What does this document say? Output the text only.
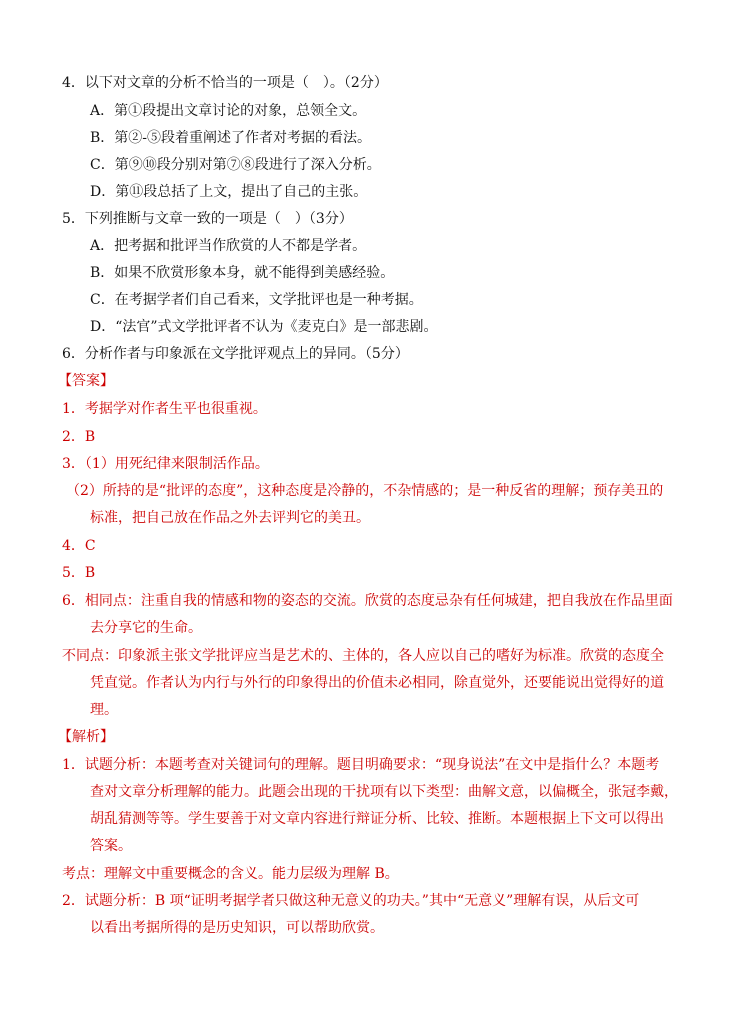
4．以下对文章的分析不恰当的一项是（　）。（2分）
A．第①段提出文章讨论的对象，总领全文。
B．第②-⑤段着重阐述了作者对考据的看法。
C．第⑨⑩段分别对第⑦⑧段进行了深入分析。
D．第⑪段总括了上文，提出了自己的主张。
5．下列推断与文章一致的一项是（　）（3分）
A．把考据和批评当作欣赏的人不都是学者。
B．如果不欣赏形象本身，就不能得到美感经验。
C．在考据学者们自己看来，文学批评也是一种考据。
D．“法官”式文学批评者不认为《麦克白》是一部悲剧。
6．分析作者与印象派在文学批评观点上的异同。（5分）
【答案】
1．考据学对作者生平也很重视。
2．B
3．（1）用死纪律来限制活作品。
（2）所持的是“批评的态度”，这种态度是冷静的，不杂情感的；是一种反省的理解；预存美丑的
标准，把自己放在作品之外去评判它的美丑。
4．C
5．B
6．相同点：注重自我的情感和物的姿态的交流。欣赏的态度忌杂有任何城建，把自我放在作品里面
去分享它的生命。
不同点：印象派主张文学批评应当是艺术的、主体的，各人应以自己的嗜好为标准。欣赏的态度全
凭直觉。作者认为内行与外行的印象得出的价值未必相同，除直觉外，还要能说出觉得好的道
理。
【解析】
1．试题分析：本题考查对关键词句的理解。题目明确要求：“现身说法”在文中是指什么？本题考
查对文章分析理解的能力。此题会出现的干扰项有以下类型：曲解文意，以偏概全，张冠李戴，
胡乱猜测等等。学生要善于对文章内容进行辩证分析、比较、推断。本题根据上下文可以得出
答案。
考点：理解文中重要概念的含义。能力层级为理解 B。
2．试题分析：B 项“证明考据学者只做这种无意义的功夫。”其中“无意义”理解有误，从后文可
以看出考据所得的是历史知识，可以帮助欣赏。
